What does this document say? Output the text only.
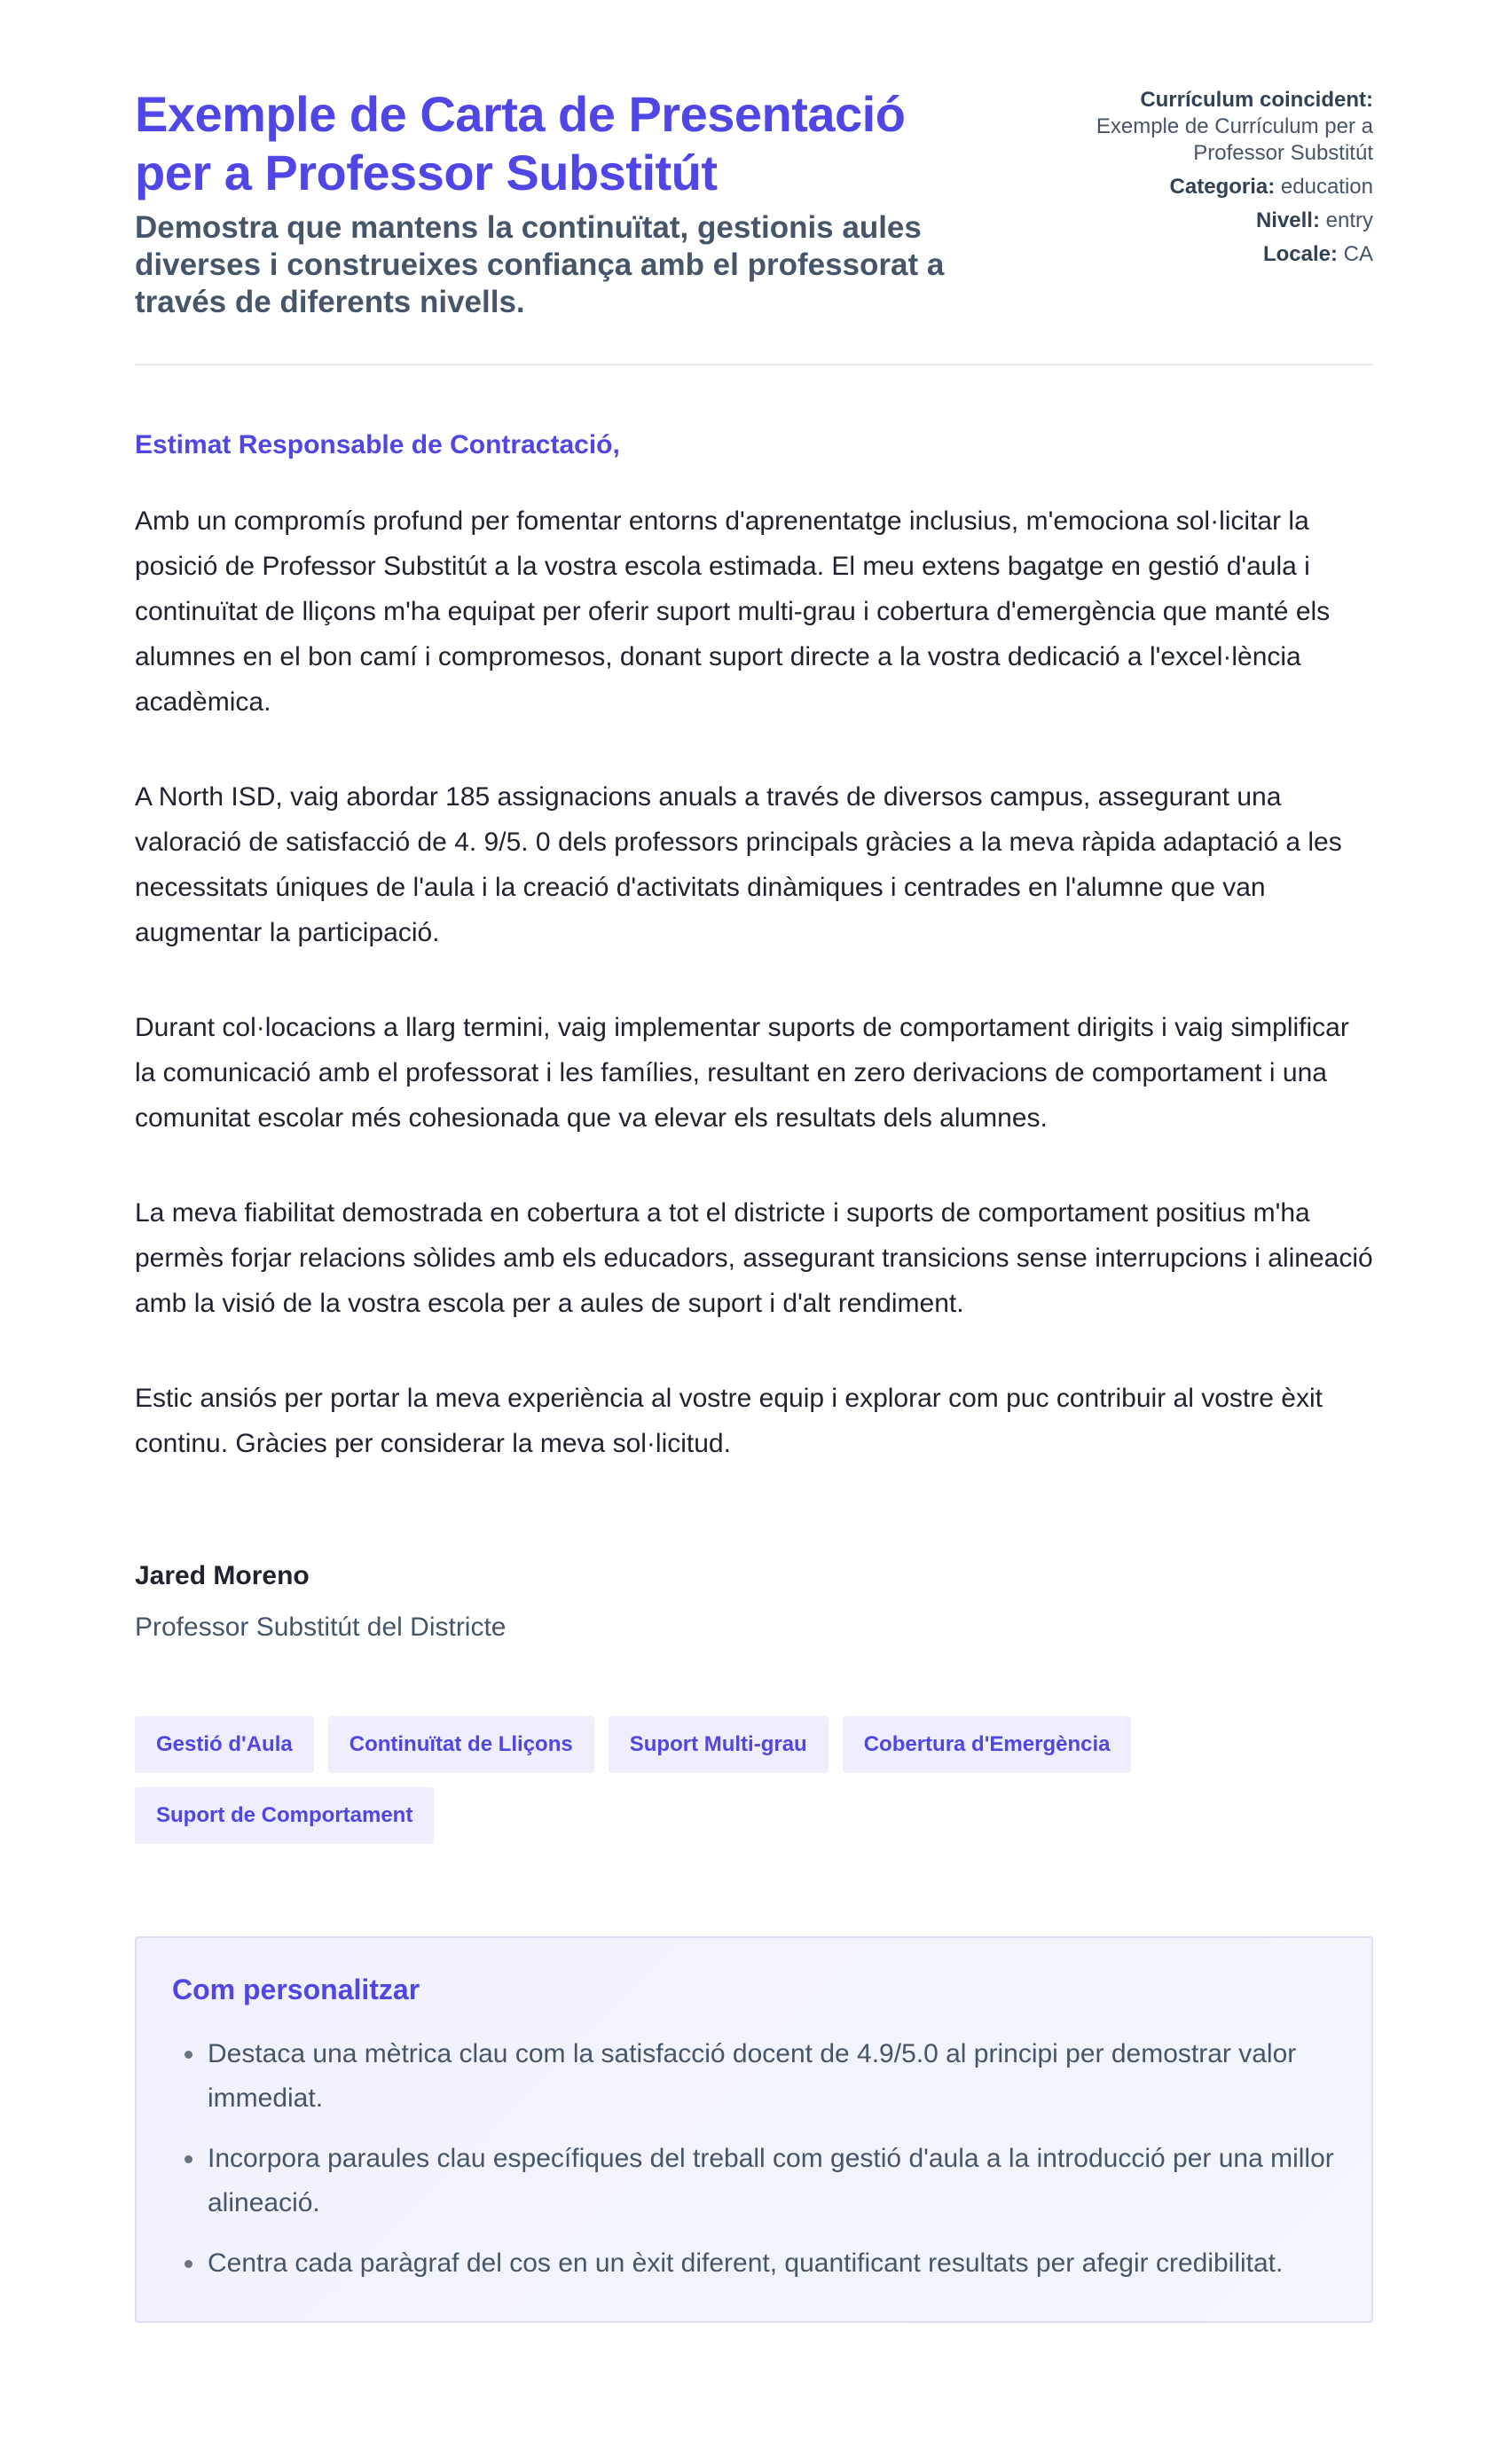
Exemple de Carta de Presentació per a Professor Substitút

Demostra que mantens la continuïtat, gestionis aules diverses i construeixes confiança amb el professorat a través de diferents nivells.

Currículum coincident:
Exemple de Currículum per a Professor Substitút
Categoria: education
Nivell: entry
Locale: CA

Estimat Responsable de Contractació,

Amb un compromís profund per fomentar entorns d'aprenentatge inclusius, m'emociona sol·licitar la posició de Professor Substitút a la vostra escola estimada. El meu extens bagatge en gestió d'aula i continuïtat de lliçons m'ha equipat per oferir suport multi-grau i cobertura d'emergència que manté els alumnes en el bon camí i compromesos, donant suport directe a la vostra dedicació a l'excel·lència acadèmica.

A North ISD, vaig abordar 185 assignacions anuals a través de diversos campus, assegurant una valoració de satisfacció de 4. 9/5. 0 dels professors principals gràcies a la meva ràpida adaptació a les necessitats úniques de l'aula i la creació d'activitats dinàmiques i centrades en l'alumne que van augmentar la participació.

Durant col·locacions a llarg termini, vaig implementar suports de comportament dirigits i vaig simplificar la comunicació amb el professorat i les famílies, resultant en zero derivacions de comportament i una comunitat escolar més cohesionada que va elevar els resultats dels alumnes.

La meva fiabilitat demostrada en cobertura a tot el districte i suports de comportament positius m'ha permès forjar relacions sòlides amb els educadors, assegurant transicions sense interrupcions i alineació amb la visió de la vostra escola per a aules de suport i d'alt rendiment.

Estic ansiós per portar la meva experiència al vostre equip i explorar com puc contribuir al vostre èxit continu. Gràcies per considerar la meva sol·licitud.

Jared Moreno

Professor Substitút del Districte

Gestió d'Aula	Continuïtat de Lliçons	Suport Multi-grau	Cobertura d'Emergència
Suport de Comportament
Com personalitzar
• Destaca una mètrica clau com la satisfacció docent de 4.9/5.0 al principi per demostrar valor immediat.
• Incorpora paraules clau específiques del treball com gestió d'aula a la introducció per una millor alineació.
• Centra cada paràgraf del cos en un èxit diferent, quantificant resultats per afegir credibilitat.
